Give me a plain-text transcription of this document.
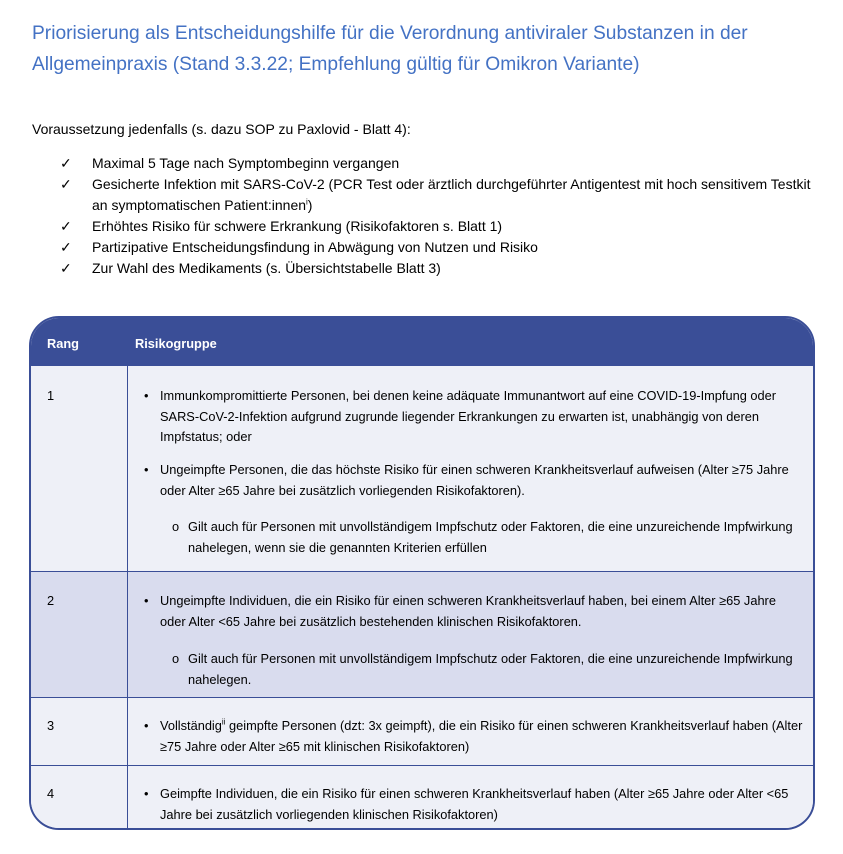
Priorisierung als Entscheidungshilfe für die Verordnung antiviraler Substanzen in der Allgemeinpraxis (Stand 3.3.22; Empfehlung gültig für Omikron Variante)

Voraussetzung jedenfalls (s. dazu SOP zu Paxlovid - Blatt 4):

✓	Maximal 5 Tage nach Symptombeginn vergangen
✓	Gesicherte Infektion mit SARS-CoV-2 (PCR Test oder ärztlich durchgeführter Antigentest mit hoch sensitivem Testkit an symptomatischen Patient:innen$^i$)
✓	Erhöhtes Risiko für schwere Erkrankung (Risikofaktoren s. Blatt 1)
✓	Partizipative Entscheidungsfindung in Abwägung von Nutzen und Risiko
✓	Zur Wahl des Medikaments (s. Übersichtstabelle Blatt 3)
Rang	Risikogruppe
1	• Immunkompromittierte Personen, bei denen keine adäquate Immunantwort auf eine COVID-19-Impfung oder SARS-CoV-2-Infektion aufgrund zugrunde liegender Erkrankungen zu erwarten ist, unabhängig von deren Impfstatus; oder
• Ungeimpfte Personen, die das höchste Risiko für einen schweren Krankheitsverlauf aufweisen (Alter ≥75 Jahre oder Alter ≥65 Jahre bei zusätzlich vorliegenden Risikofaktoren).
o Gilt auch für Personen mit unvollständigem Impfschutz oder Faktoren, die eine unzureichende Impfwirkung nahelegen, wenn sie die genannten Kriterien erfüllen
2	• Ungeimpfte Individuen, die ein Risiko für einen schweren Krankheitsverlauf haben, bei einem Alter ≥65 Jahre oder Alter <65 Jahre bei zusätzlich bestehenden klinischen Risikofaktoren.
o Gilt auch für Personen mit unvollständigem Impfschutz oder Faktoren, die eine unzureichende Impfwirkung nahelegen.
3	• Vollständig$^{ii}$ geimpfte Personen (dzt: 3x geimpft), die ein Risiko für einen schweren Krankheitsverlauf haben (Alter ≥75 Jahre oder Alter ≥65 mit klinischen Risikofaktoren)
4	• Geimpfte Individuen, die ein Risiko für einen schweren Krankheitsverlauf haben (Alter ≥65 Jahre oder Alter <65 Jahre bei zusätzlich vorliegenden klinischen Risikofaktoren)
